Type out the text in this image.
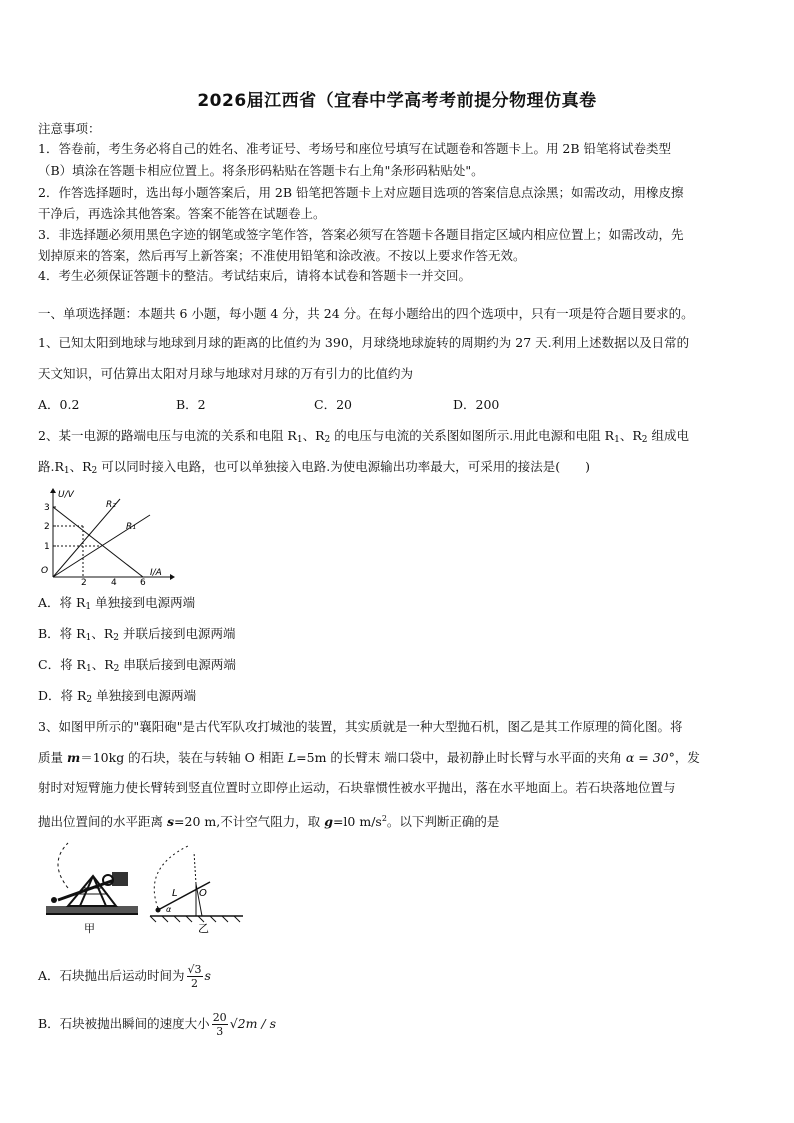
2026届江西省（宜春中学高考考前提分物理仿真卷
注意事项：
1．答卷前，考生务必将自己的姓名、准考证号、考场号和座位号填写在试题卷和答题卡上。用 2B 铅笔将试卷类型
（B）填涂在答题卡相应位置上。将条形码粘贴在答题卡右上角"条形码粘贴处"。
2．作答选择题时，选出每小题答案后，用 2B 铅笔把答题卡上对应题目选项的答案信息点涂黑；如需改动，用橡皮擦
干净后，再选涂其他答案。答案不能答在试题卷上。
3．非选择题必须用黑色字迹的钢笔或签字笔作答，答案必须写在答题卡各题目指定区域内相应位置上；如需改动，先
划掉原来的答案，然后再写上新答案；不准使用铅笔和涂改液。不按以上要求作答无效。
4．考生必须保证答题卡的整洁。考试结束后，请将本试卷和答题卡一并交回。
一、单项选择题：本题共 6 小题，每小题 4 分，共 24 分。在每小题给出的四个选项中，只有一项是符合题目要求的。
1、已知太阳到地球与地球到月球的距离的比值约为 390，月球绕地球旋转的周期约为 27 天.利用上述数据以及日常的
天文知识，可估算出太阳对月球与地球对月球的万有引力的比值约为
A．0.2	B．2	C．20	D．200
2、某一电源的路端电压与电流的关系和电阻 $R_1$、$R_2$ 的电压与电流的关系图如图所示.用此电源和电阻 $R_1$、$R_2$ 组成电
路$.R_1$、$R_2$ 可以同时接入电路，也可以单独接入电路.为使电源输出功率最大，可采用的接法是(　　)
U/V
I/A
O
1
2
3
2	4	6
R₂
R₁
A．将 $R_1$ 单独接到电源两端
B．将 $R_1$、$R_2$ 并联后接到电源两端
C．将 $R_1$、$R_2$ 串联后接到电源两端
D．将 $R_2$ 单独接到电源两端
3、如图甲所示的"襄阳砲"是古代军队攻打城池的装置，其实质就是一种大型抛石机，图乙是其工作原理的简化图。将
质量 m＝10kg 的石块，装在与转轴 O 相距 L=5m 的长臂末 端口袋中，最初静止时长臂与水平面的夹角 α = 30°，发
射时对短臂施力使长臂转到竖直位置时立即停止运动，石块靠惯性被水平抛出，落在水平地面上。若石块落地位置与
抛出位置间的水平距离 s=20 m,不计空气阻力，取 g=l0 $m/s^2$。以下判断正确的是
L O
α
甲	乙
A．石块抛出后运动时间为 $\frac{√3}{2}$ s
B．石块被抛出瞬间的速度大小 $\frac{20}{3} √2m$ / s
